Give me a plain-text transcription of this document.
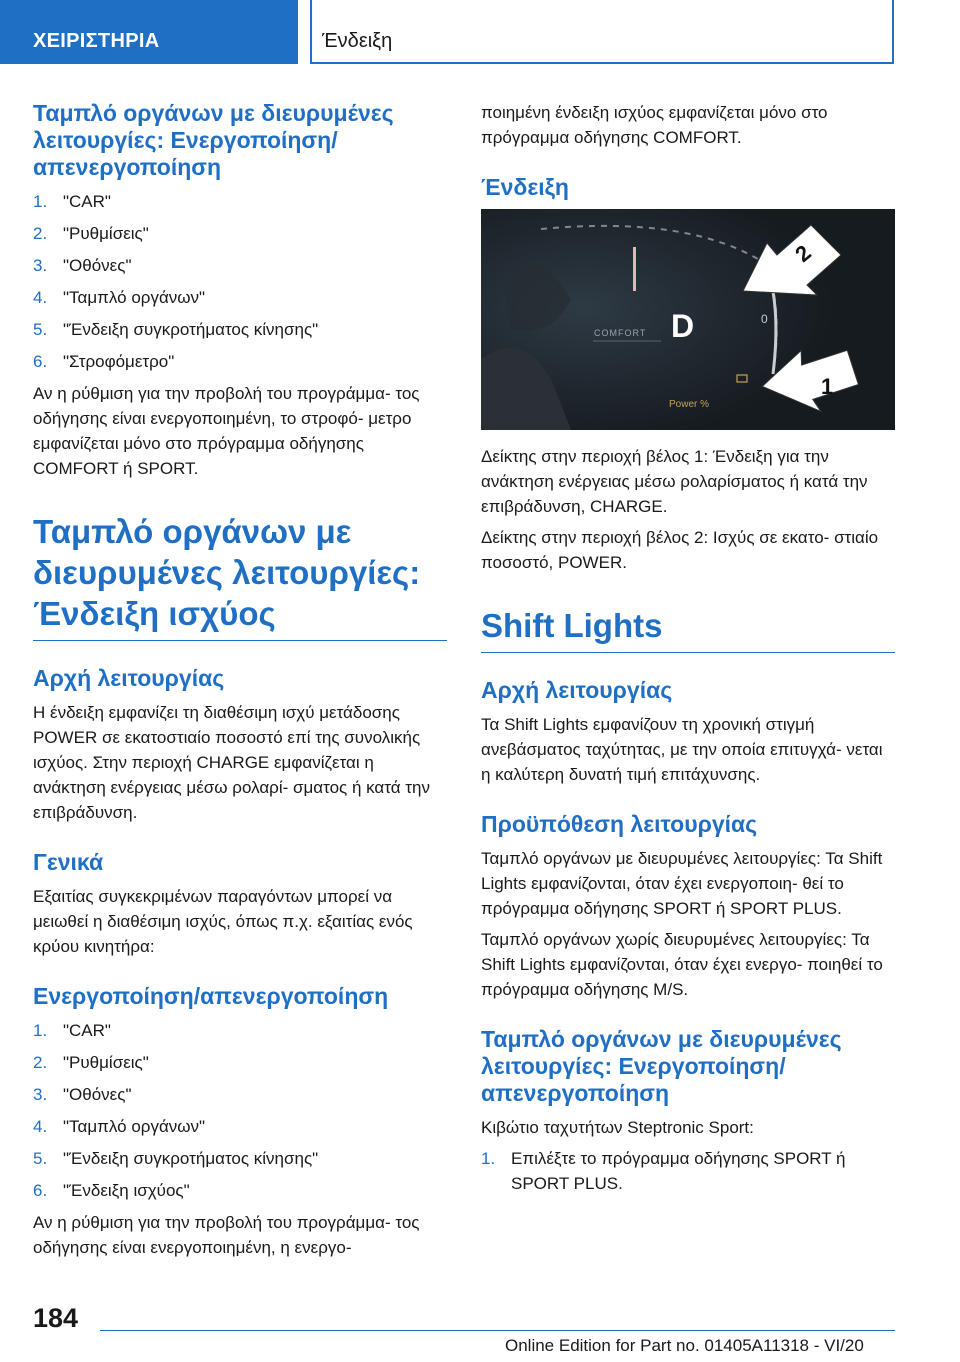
ΧΕΙΡΙΣΤΗΡΙΑ	Ένδειξη
Ταμπλό οργάνων με διευρυμένες λειτουργίες: Ενεργοποίηση/απενεργοποίηση
1. "CAR"
2. "Ρυθμίσεις"
3. "Οθόνες"
4. "Ταμπλό οργάνων"
5. "Ένδειξη συγκροτήματος κίνησης"
6. "Στροφόμετρο"

Αν η ρύθμιση για την προβολή του προγράμμα- τος οδήγησης είναι ενεργοποιημένη, το στροφό- μετρο εμφανίζεται μόνο στο πρόγραμμα οδήγησης COMFORT ή SPORT.

Ταμπλό οργάνων με διευρυμένες λειτουργίες: Ένδειξη ισχύος
Αρχή λειτουργίας

Η ένδειξη εμφανίζει τη διαθέσιμη ισχύ μετάδοσης POWER σε εκατοστιαίο ποσοστό επί της συνολικής ισχύος. Στην περιοχή CHARGE εμφανίζεται η ανάκτηση ενέργειας μέσω ρολαρί- σματος ή κατά την επιβράδυνση.

Γενικά

Εξαιτίας συγκεκριμένων παραγόντων μπορεί να μειωθεί η διαθέσιμη ισχύς, όπως π.χ. εξαιτίας ενός κρύου κινητήρα:

Ενεργοποίηση/απενεργοποίηση
1. "CAR"
2. "Ρυθμίσεις"
3. "Οθόνες"
4. "Ταμπλό οργάνων"
5. "Ένδειξη συγκροτήματος κίνησης"
6. "Ένδειξη ισχύος"

Αν η ρύθμιση για την προβολή του προγράμμα- τος οδήγησης είναι ενεργοποιημένη, η ενεργο-

ποιημένη ένδειξη ισχύος εμφανίζεται μόνο στο πρόγραμμα οδήγησης COMFORT.

Ένδειξη
D
COMFORT
0
Power %
2
1

Δείκτης στην περιοχή βέλος 1: Ένδειξη για την ανάκτηση ενέργειας μέσω ρολαρίσματος ή κατά την επιβράδυνση, CHARGE.

Δείκτης στην περιοχή βέλος 2: Ισχύς σε εκατο- στιαίο ποσοστό, POWER.

Shift Lights
Αρχή λειτουργίας

Τα Shift Lights εμφανίζουν τη χρονική στιγμή ανεβάσματος ταχύτητας, με την οποία επιτυγχά- νεται η καλύτερη δυνατή τιμή επιτάχυνσης.

Προϋπόθεση λειτουργίας

Ταμπλό οργάνων με διευρυμένες λειτουργίες: Τα Shift Lights εμφανίζονται, όταν έχει ενεργοποιη- θεί το πρόγραμμα οδήγησης SPORT ή SPORT PLUS.

Ταμπλό οργάνων χωρίς διευρυμένες λειτουργίες: Τα Shift Lights εμφανίζονται, όταν έχει ενεργο- ποιηθεί το πρόγραμμα οδήγησης M/S.

Ταμπλό οργάνων με διευρυμένες λειτουργίες: Ενεργοποίηση/απενεργοποίηση

Κιβώτιο ταχυτήτων Steptronic Sport:

1. Επιλέξτε το πρόγραμμα οδήγησης SPORT ή SPORT PLUS.
184
Online Edition for Part no. 01405A11318 - VI/20
